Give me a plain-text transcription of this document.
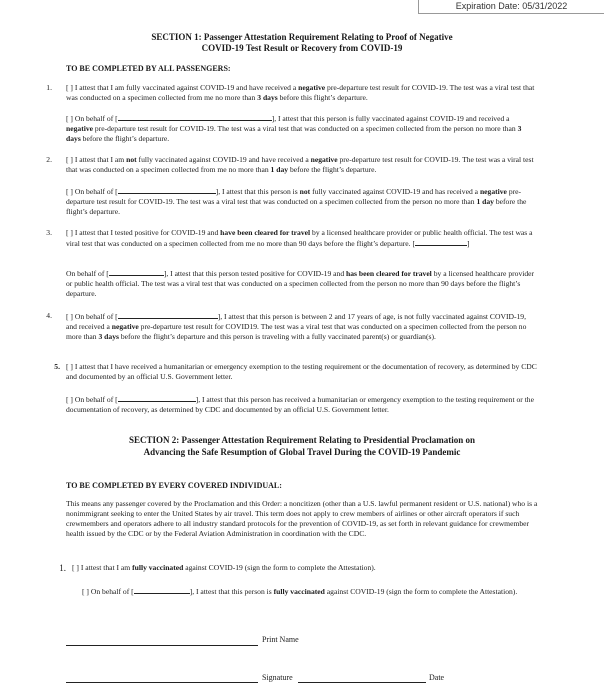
Expiration Date: 05/31/2022
SECTION 1: Passenger Attestation Requirement Relating to Proof of Negative
COVID-19 Test Result or Recovery from COVID-19
TO BE COMPLETED BY ALL PASSENGERS:
1. [ ] I attest that I am fully vaccinated against COVID-19 and have received a negative pre-departure test result for COVID-19. The test was a viral test that was conducted on a specimen collected from me no more than 3 days before this flight’s departure.
[ ] On behalf of [	], I attest that this person is fully vaccinated against COVID-19 and received a negative pre-departure test result for COVID-19. The test was a viral test that was conducted on a specimen collected from the person no more than 3 days before the flight’s departure.
2. [ ] I attest that I am not fully vaccinated against COVID-19 and have received a negative pre-departure test result for COVID-19. The test was a viral test that was conducted on a specimen collected from me no more than 1 day before the flight’s departure.
[ ] On behalf of [	], I attest that this person is not fully vaccinated against COVID-19 and has received a negative pre-departure test result for COVID-19. The test was a viral test that was conducted on a specimen collected from the person no more than 1 day before the flight’s departure.
3. [ ] I attest that I tested positive for COVID-19 and have been cleared for travel by a licensed healthcare provider or public health official. The test was a viral test that was conducted on a specimen collected from me no more than 90 days before the flight’s departure. [	]
On behalf of [	], I attest that this person tested positive for COVID-19 and has been cleared for travel by a licensed healthcare provider or public health official. The test was a viral test that was conducted on a specimen collected from the person no more than 90 days before the flight’s departure.
4. [ ] On behalf of [	], I attest that this person is between 2 and 17 years of age, is not fully vaccinated against COVID-19, and received a negative pre-departure test result for COVID19. The test was a viral test that was conducted on a specimen collected from the person no more than 3 days before the flight’s departure and this person is traveling with a fully vaccinated parent(s) or guardian(s).
5. [ ] I attest that I have received a humanitarian or emergency exemption to the testing requirement or the documentation of recovery, as determined by CDC and documented by an official U.S. Government letter.
[ ] On behalf of [	], I attest that this person has received a humanitarian or emergency exemption to the testing requirement or the documentation of recovery, as determined by CDC and documented by an official U.S. Government letter.
SECTION 2: Passenger Attestation Requirement Relating to Presidential Proclamation on
Advancing the Safe Resumption of Global Travel During the COVID-19 Pandemic
TO BE COMPLETED BY EVERY COVERED INDIVIDUAL:
This means any passenger covered by the Proclamation and this Order: a noncitizen (other than a U.S. lawful permanent resident or U.S. national) who is a nonimmigrant seeking to enter the United States by air travel. This term does not apply to crew members of airlines or other aircraft operators if such crewmembers and operators adhere to all industry standard protocols for the prevention of COVID-19, as set forth in relevant guidance for crewmember health issued by the CDC or by the Federal Aviation Administration in coordination with the CDC.
1. [ ] I attest that I am fully vaccinated against COVID-19 (sign the form to complete the Attestation).
[ ] On behalf of [	], I attest that this person is fully vaccinated against COVID-19 (sign the form to complete the Attestation).
Print Name
Signature	Date
